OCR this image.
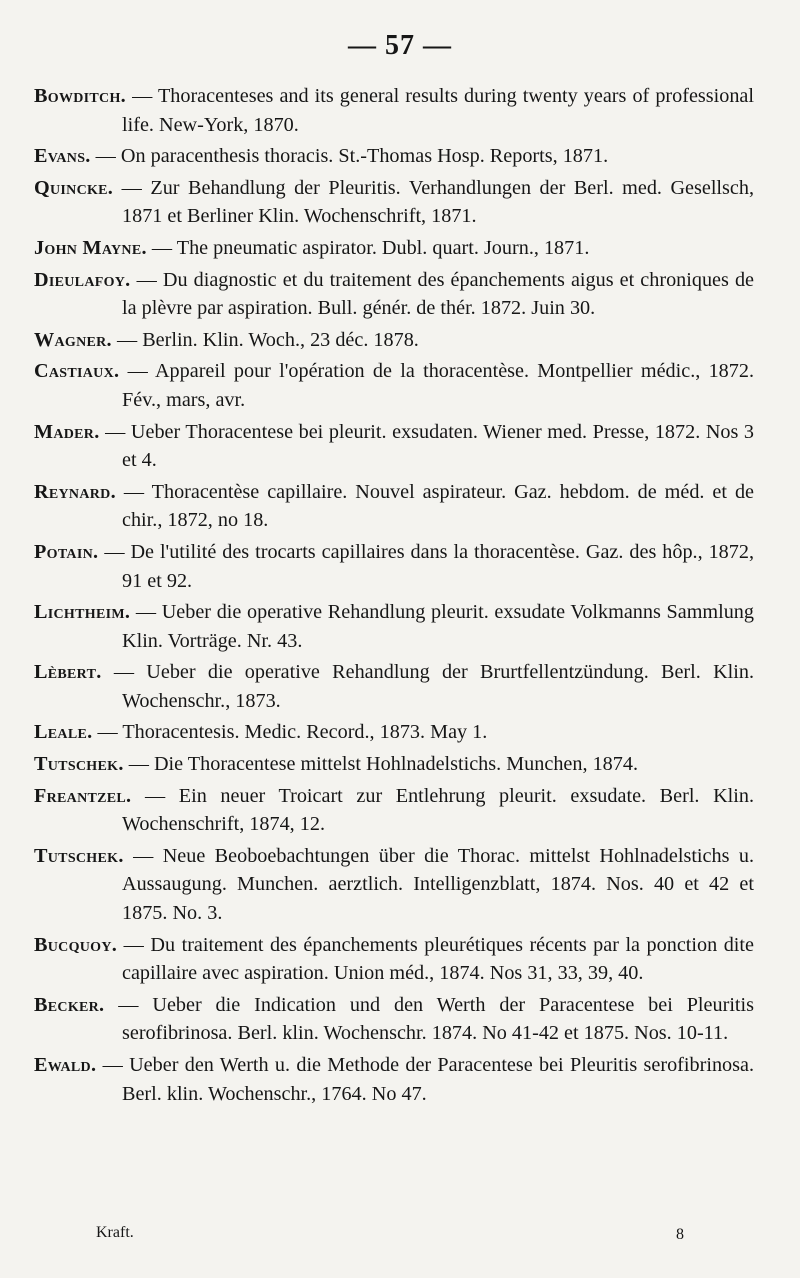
— 57 —

Bowditch. — Thoracenteses and its general results during twenty years of professional life. New-York, 1870.

Evans. — On paracenthesis thoracis. St.-Thomas Hosp. Reports, 1871.

Quincke. — Zur Behandlung der Pleuritis. Verhandlungen der Berl. med. Gesellsch, 1871 et Berliner Klin. Wochenschrift, 1871.

John Mayne. — The pneumatic aspirator. Dubl. quart. Journ., 1871.

Dieulafoy. — Du diagnostic et du traitement des épanchements aigus et chroniques de la plèvre par aspiration. Bull. génér. de thér. 1872. Juin 30.

Wagner. — Berlin. Klin. Woch., 23 déc. 1878.

Castiaux. — Appareil pour l'opération de la thoracentèse. Montpellier médic., 1872. Fév., mars, avr.

Mader. — Ueber Thoracentese bei pleurit. exsudaten. Wiener med. Presse, 1872. Nos 3 et 4.

Reynard. — Thoracentèse capillaire. Nouvel aspirateur. Gaz. hebdom. de méd. et de chir., 1872, no 18.

Potain. — De l'utilité des trocarts capillaires dans la thoracentèse. Gaz. des hôp., 1872, 91 et 92.

Lichtheim. — Ueber die operative Rehandlung pleurit. exsudate Volkmanns Sammlung Klin. Vorträge. Nr. 43.

Lèbert. — Ueber die operative Rehandlung der Brurtfellentzündung. Berl. Klin. Wochenschr., 1873.

Leale. — Thoracentesis. Medic. Record., 1873. May 1.

Tutschek. — Die Thoracentese mittelst Hohlnadelstichs. Munchen, 1874.

Freantzel. — Ein neuer Troicart zur Entlehrung pleurit. exsudate. Berl. Klin. Wochenschrift, 1874, 12.

Tutschek. — Neue Beoboebachtungen über die Thorac. mittelst Hohlnadelstichs u. Aussaugung. Munchen. aerztlich. Intelligenzblatt, 1874. Nos. 40 et 42 et 1875. No. 3.

Bucquoy. — Du traitement des épanchements pleurétiques récents par la ponction dite capillaire avec aspiration. Union méd., 1874. Nos 31, 33, 39, 40.

Becker. — Ueber die Indication und den Werth der Paracentese bei Pleuritis serofibrinosa. Berl. klin. Wochenschr. 1874. No 41-42 et 1875. Nos. 10-11.

Ewald. — Ueber den Werth u. die Methode der Paracentese bei Pleuritis serofibrinosa. Berl. klin. Wochenschr., 1764. No 47.

Kraft.	8
